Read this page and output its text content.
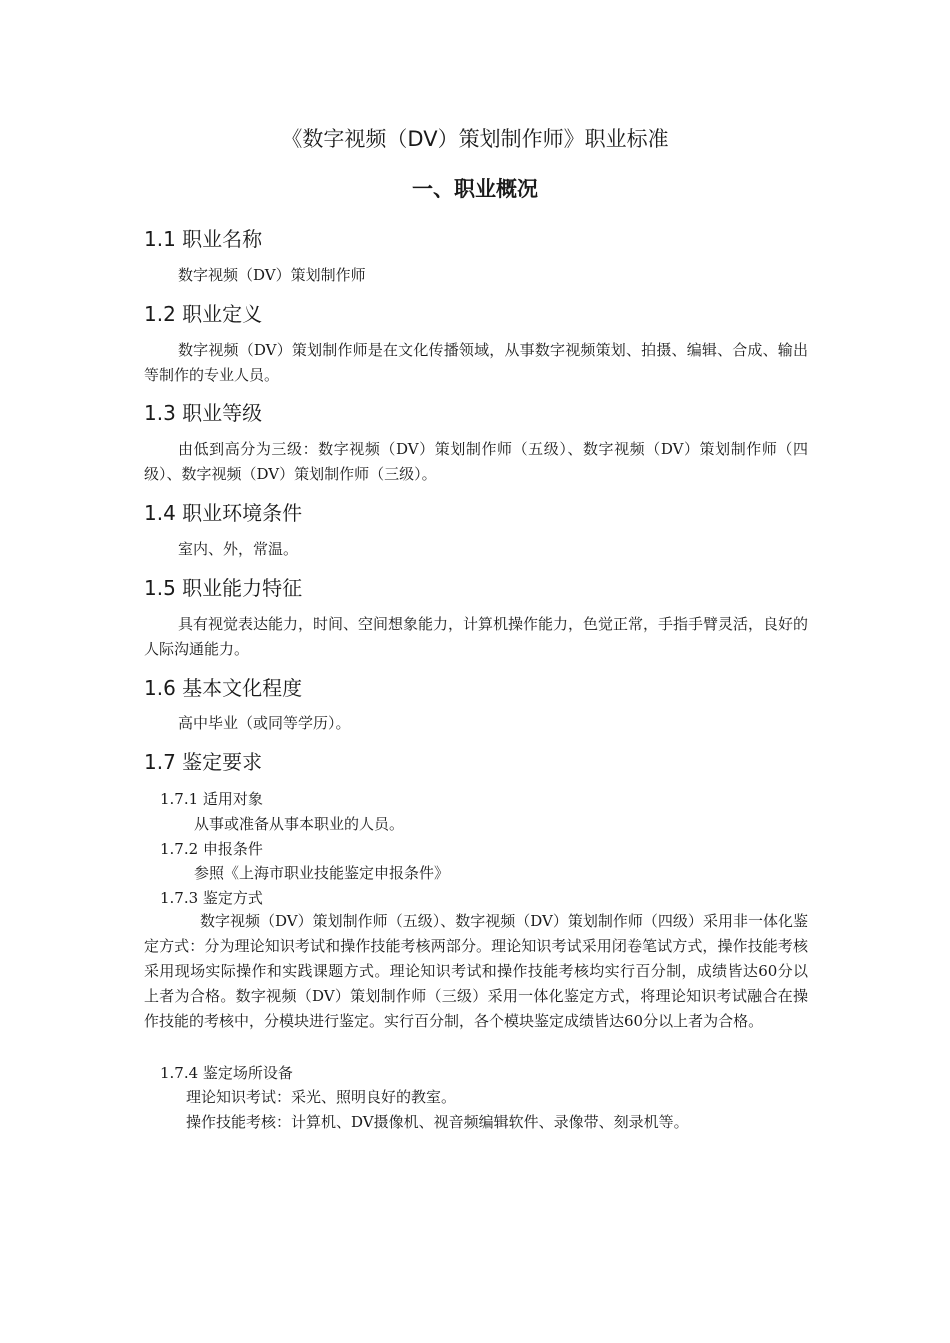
《数字视频（DV）策划制作师》职业标准
一、职业概况
1.1 职业名称
数字视频（DV）策划制作师
1.2 职业定义
数字视频（DV）策划制作师是在文化传播领域，从事数字视频策划、拍摄、编辑、合成、输出等制作的专业人员。
1.3 职业等级
由低到高分为三级：数字视频（DV）策划制作师（五级）、数字视频（DV）策划制作师（四级）、数字视频（DV）策划制作师（三级）。
1.4 职业环境条件
室内、外，常温。
1.5 职业能力特征
具有视觉表达能力，时间、空间想象能力，计算机操作能力，色觉正常，手指手臂灵活，良好的人际沟通能力。
1.6 基本文化程度
高中毕业（或同等学历）。
1.7 鉴定要求
1.7.1 适用对象
从事或准备从事本职业的人员。
1.7.2 申报条件
参照《上海市职业技能鉴定申报条件》
1.7.3 鉴定方式
数字视频（DV）策划制作师（五级）、数字视频（DV）策划制作师（四级）采用非一体化鉴定方式：分为理论知识考试和操作技能考核两部分。理论知识考试采用闭卷笔试方式，操作技能考核采用现场实际操作和实践课题方式。理论知识考试和操作技能考核均实行百分制，成绩皆达60分以上者为合格。数字视频（DV）策划制作师（三级）采用一体化鉴定方式，将理论知识考试融合在操作技能的考核中，分模块进行鉴定。实行百分制，各个模块鉴定成绩皆达60分以上者为合格。
1.7.4 鉴定场所设备
理论知识考试：采光、照明良好的教室。
操作技能考核：计算机、DV摄像机、视音频编辑软件、录像带、刻录机等。
